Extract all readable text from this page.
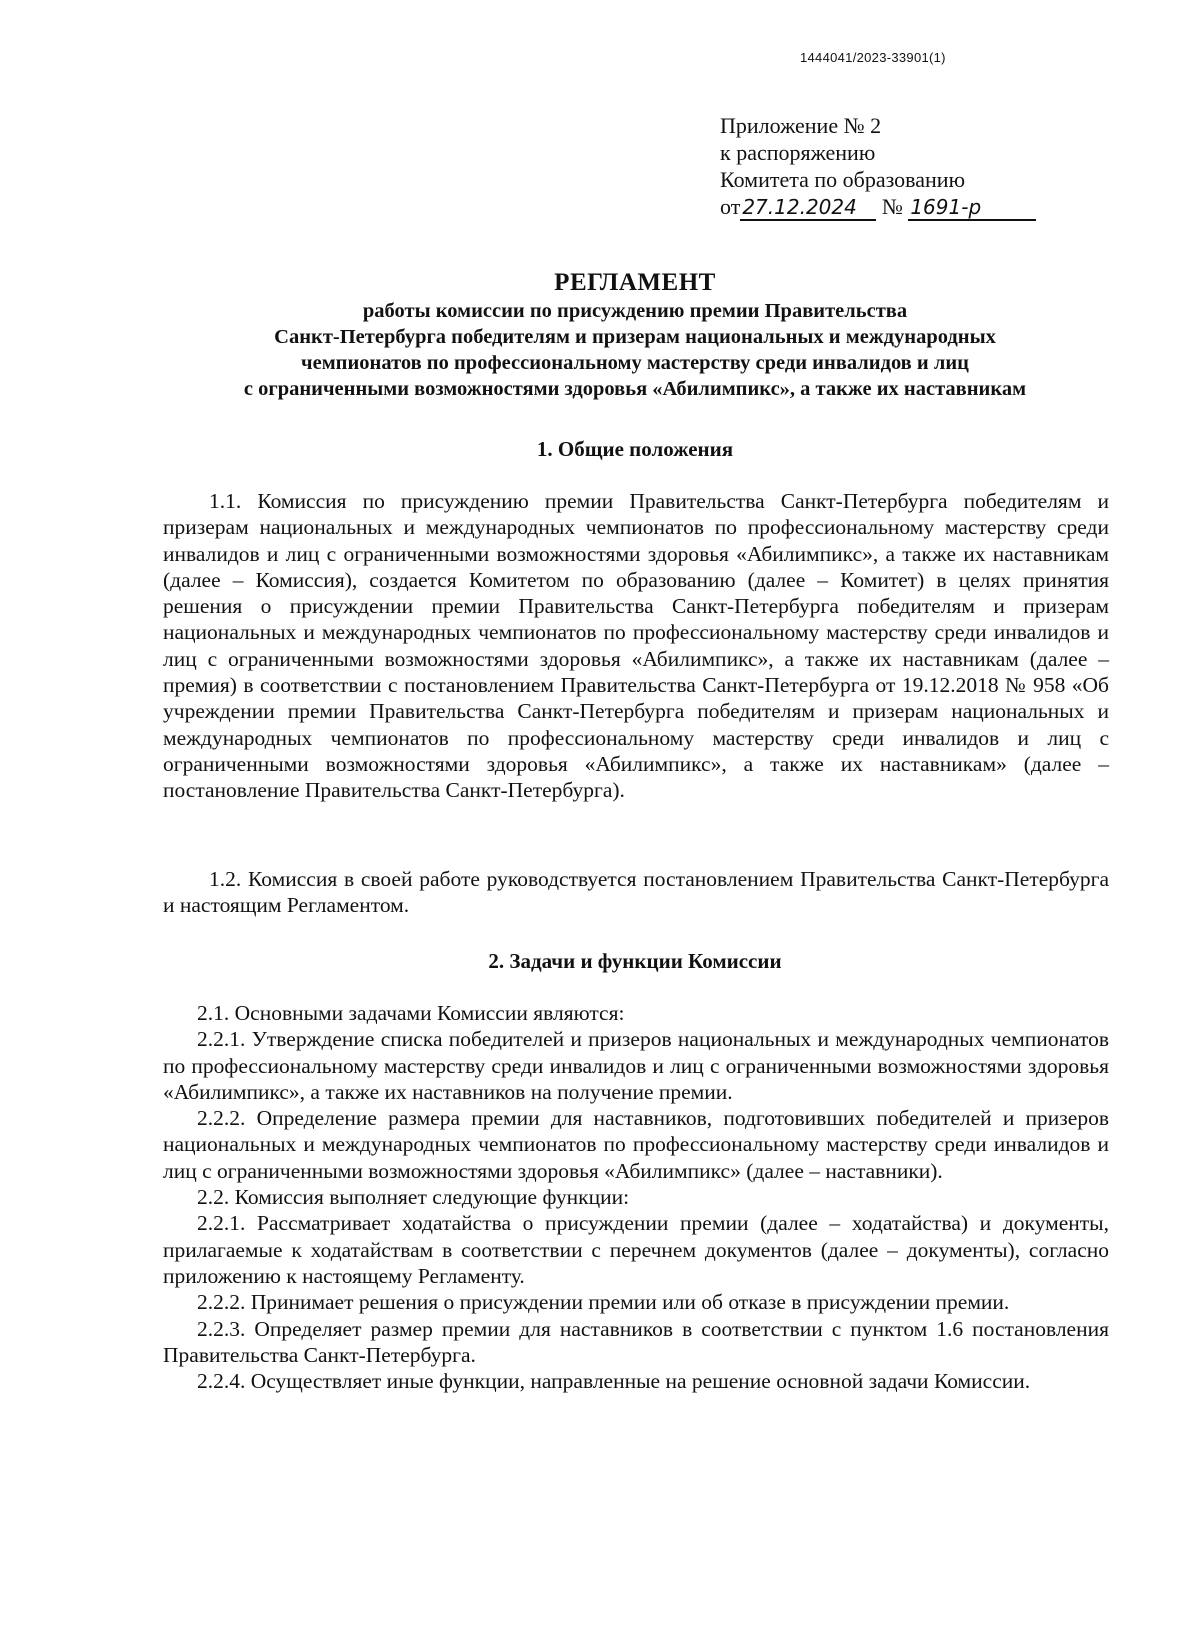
1444041/2023-33901(1)
Приложение № 2
к распоряжению
Комитета по образованию
от 27.12.2024 № 1691-р
РЕГЛАМЕНТ
работы комиссии по присуждению премии Правительства
Санкт-Петербурга победителям и призерам национальных и международных
чемпионатов по профессиональному мастерству среди инвалидов и лиц
с ограниченными возможностями здоровья «Абилимпикс», а также их наставникам
1. Общие положения

1.1. Комиссия по присуждению премии Правительства Санкт-Петербурга победителям и призерам национальных и международных чемпионатов по профессиональному мастерству среди инвалидов и лиц с ограниченными возможностями здоровья «Абилимпикс», а также их наставникам (далее – Комиссия), создается Комитетом по образованию (далее – Комитет) в целях принятия решения о присуждении премии Правительства Санкт-Петербурга победителям и призерам национальных и международных чемпионатов по профессиональному мастерству среди инвалидов и лиц с ограниченными возможностями здоровья «Абилимпикс», а также их наставникам (далее – премия) в соответствии с постановлением Правительства Санкт-Петербурга от 19.12.2018 № 958 «Об учреждении премии Правительства Санкт-Петербурга победителям и призерам национальных и международных чемпионатов по профессиональному мастерству среди инвалидов и лиц с ограниченными возможностями здоровья «Абилимпикс», а также их наставникам» (далее – постановление Правительства Санкт-Петербурга).

1.2. Комиссия в своей работе руководствуется постановлением Правительства Санкт-Петербурга и настоящим Регламентом.

2. Задачи и функции Комиссии

2.1. Основными задачами Комиссии являются:

2.2.1. Утверждение списка победителей и призеров национальных и международных чемпионатов по профессиональному мастерству среди инвалидов и лиц с ограниченными возможностями здоровья «Абилимпикс», а также их наставников на получение премии.

2.2.2. Определение размера премии для наставников, подготовивших победителей и призеров национальных и международных чемпионатов по профессиональному мастерству среди инвалидов и лиц с ограниченными возможностями здоровья «Абилимпикс» (далее – наставники).

2.2. Комиссия выполняет следующие функции:

2.2.1. Рассматривает ходатайства о присуждении премии (далее – ходатайства) и документы, прилагаемые к ходатайствам в соответствии с перечнем документов (далее – документы), согласно приложению к настоящему Регламенту.

2.2.2. Принимает решения о присуждении премии или об отказе в присуждении премии.

2.2.3. Определяет размер премии для наставников в соответствии с пунктом 1.6 постановления Правительства Санкт-Петербурга.

2.2.4. Осуществляет иные функции, направленные на решение основной задачи Комиссии.
